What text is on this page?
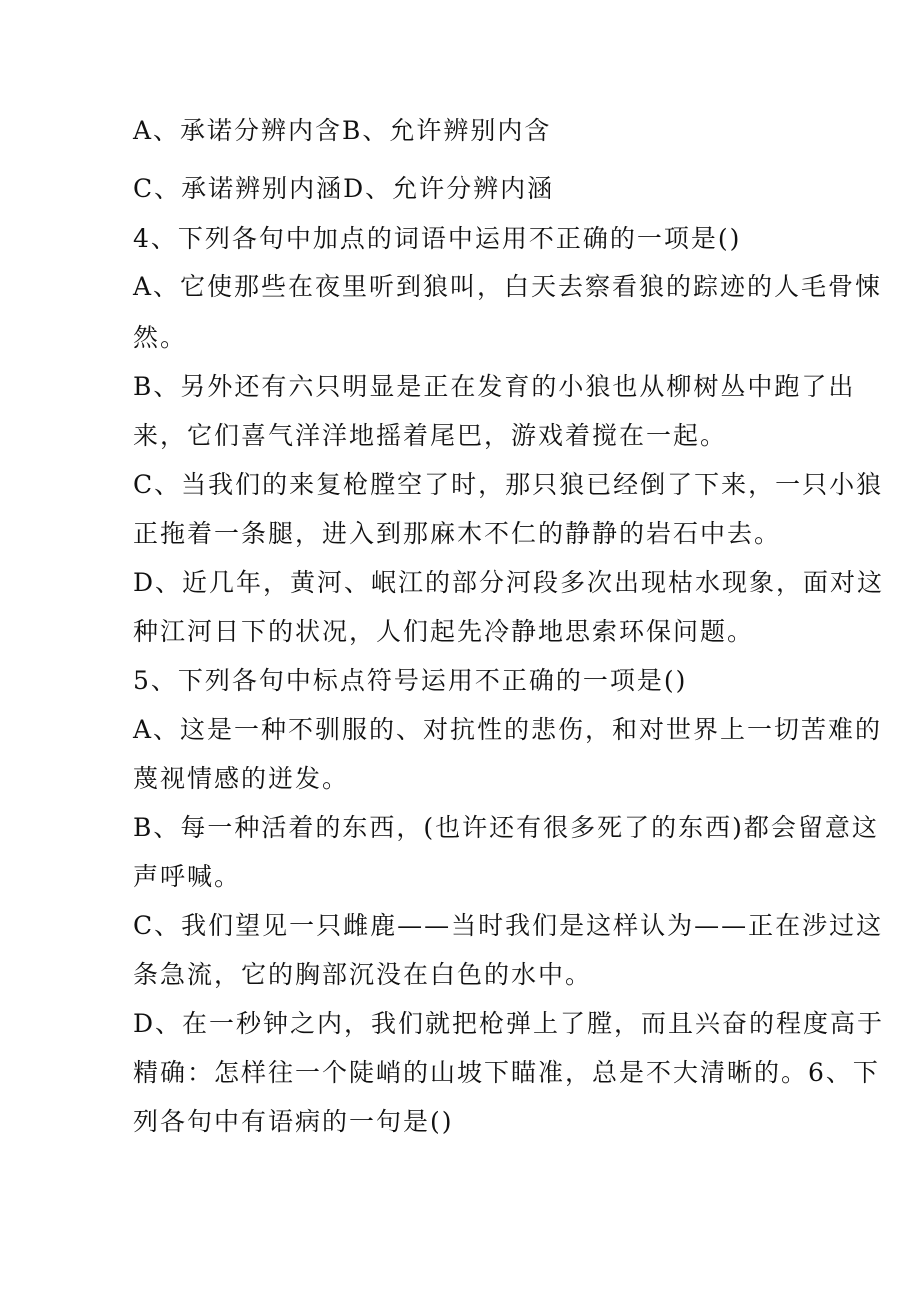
A、承诺分辨内含B、允许辨别内含
C、承诺辨别内涵D、允许分辨内涵
4、下列各句中加点的词语中运用不正确的一项是()
A、它使那些在夜里听到狼叫，白天去察看狼的踪迹的人毛骨悚
然。
B、另外还有六只明显是正在发育的小狼也从柳树丛中跑了出
来，它们喜气洋洋地摇着尾巴，游戏着搅在一起。
C、当我们的来复枪膛空了时，那只狼已经倒了下来，一只小狼
正拖着一条腿，进入到那麻木不仁的静静的岩石中去。
D、近几年，黄河、岷江的部分河段多次出现枯水现象，面对这
种江河日下的状况，人们起先冷静地思索环保问题。
5、下列各句中标点符号运用不正确的一项是()
A、这是一种不驯服的、对抗性的悲伤，和对世界上一切苦难的
蔑视情感的迸发。
B、每一种活着的东西，(也许还有很多死了的东西)都会留意这
声呼喊。
C、我们望见一只雌鹿——当时我们是这样认为——正在涉过这
条急流，它的胸部沉没在白色的水中。
D、在一秒钟之内，我们就把枪弹上了膛，而且兴奋的程度高于
精确：怎样往一个陡峭的山坡下瞄准，总是不大清晰的。6、下
列各句中有语病的一句是()
